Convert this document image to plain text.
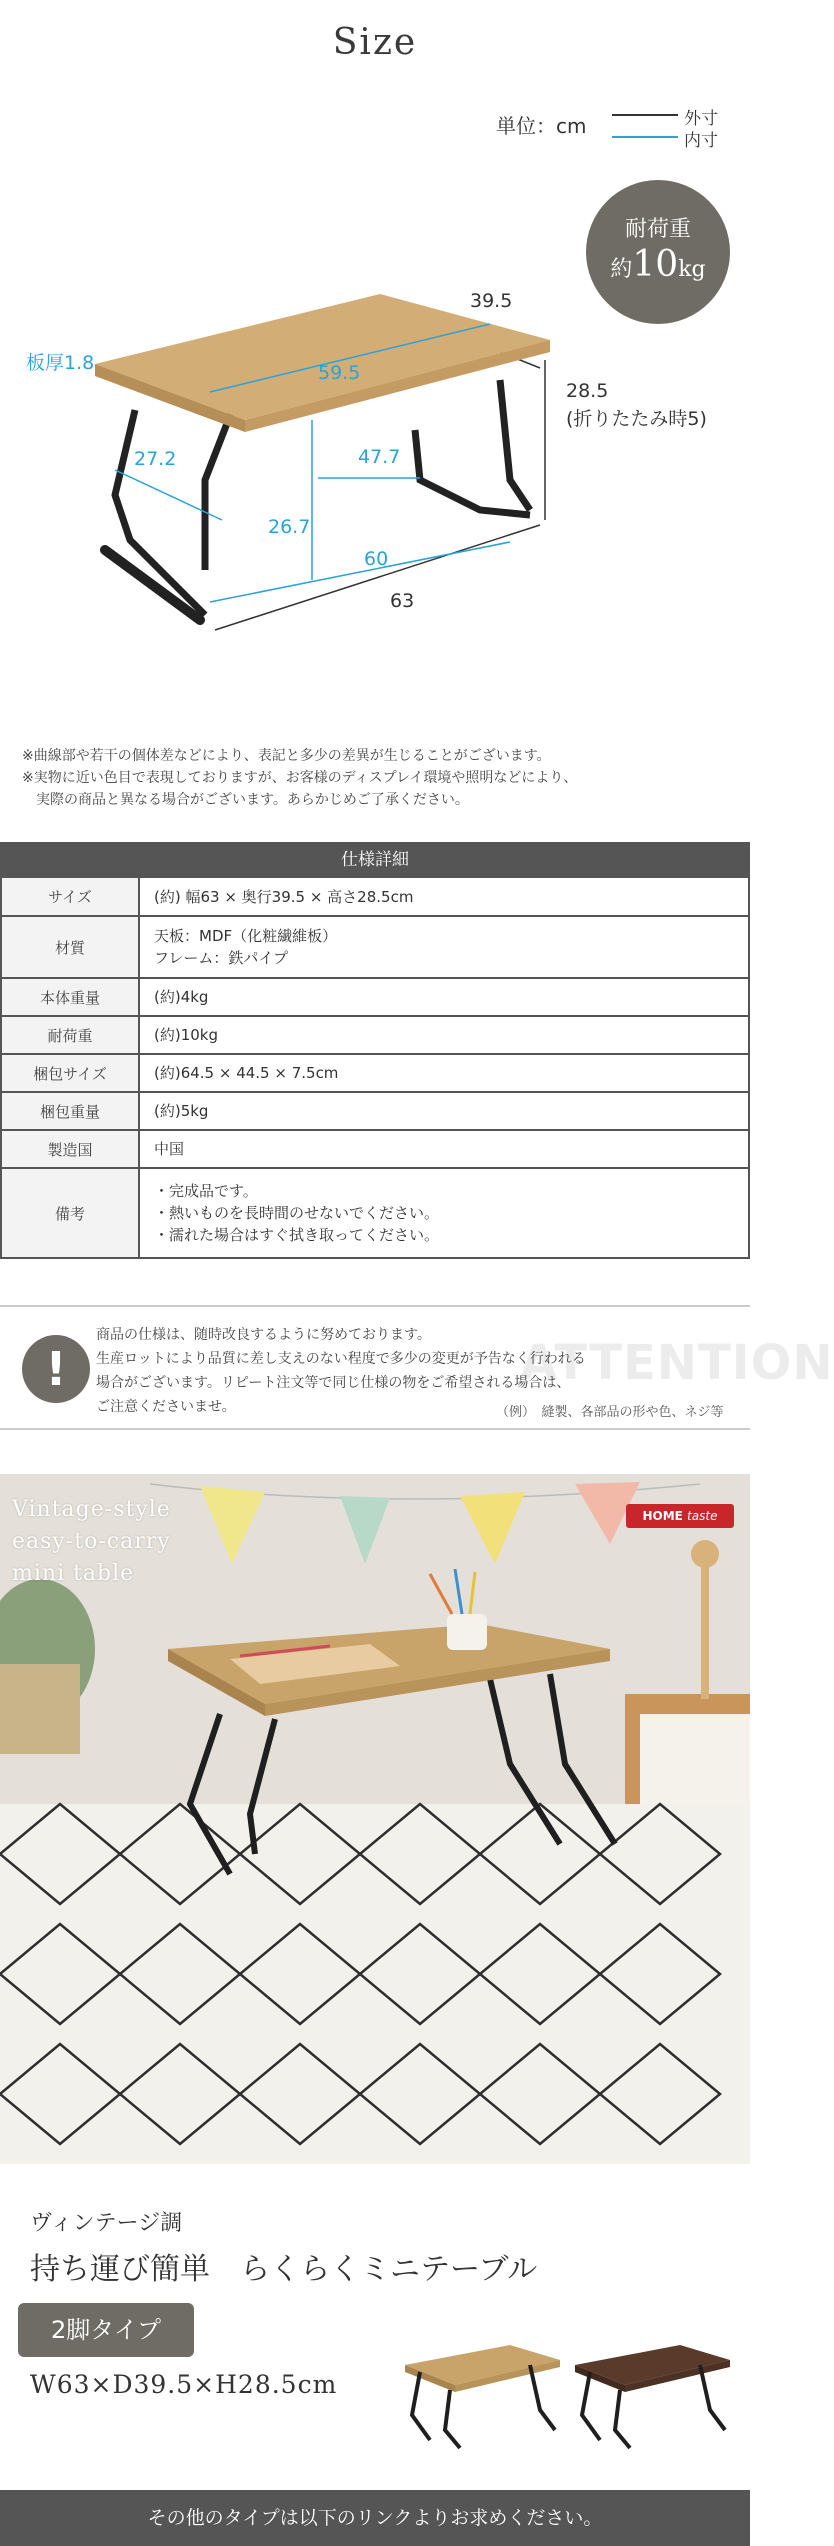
Size
単位：cm	外寸
内寸
耐荷重
約10kg
39.5
板厚1.8	59.5
28.5
(折りたたみ時5)
27.2	47.7
26.7
60
63
※曲線部や若干の個体差などにより、表記と多少の差異が生じることがございます。
※実物に近い色目で表現しておりますが、お客様のディスプレイ環境や照明などにより、
　実際の商品と異なる場合がございます。あらかじめご了承ください。
仕様詳細
サイズ	(約) 幅63 × 奥行39.5 × 高さ28.5cm

材質	天板：MDF（化粧繊維板）
フレーム：鉄パイプ

本体重量	(約)4kg

耐荷重	(約)10kg

梱包サイズ	(約)64.5 × 44.5 × 7.5cm

梱包重量	(約)5kg

製造国	中国

備考	・完成品です。
・熱いものを長時間のせないでください。
・濡れた場合はすぐ拭き取ってください。
ATTENTION
!
商品の仕様は、随時改良するように努めております。
生産ロットにより品質に差し支えのない程度で多少の変更が予告なく行われる
場合がございます。リピート注文等で同じ仕様の物をご希望される場合は、
ご注意くださいませ。	（例）　縫製、各部品の形や色、ネジ等
Vintage-style
easy-to-carry
mini table
HOME taste
ヴィンテージ調
持ち運び簡単　らくらくミニテーブル
2脚タイプ
W63×D39.5×H28.5cm
その他のタイプは以下のリンクよりお求めください。
